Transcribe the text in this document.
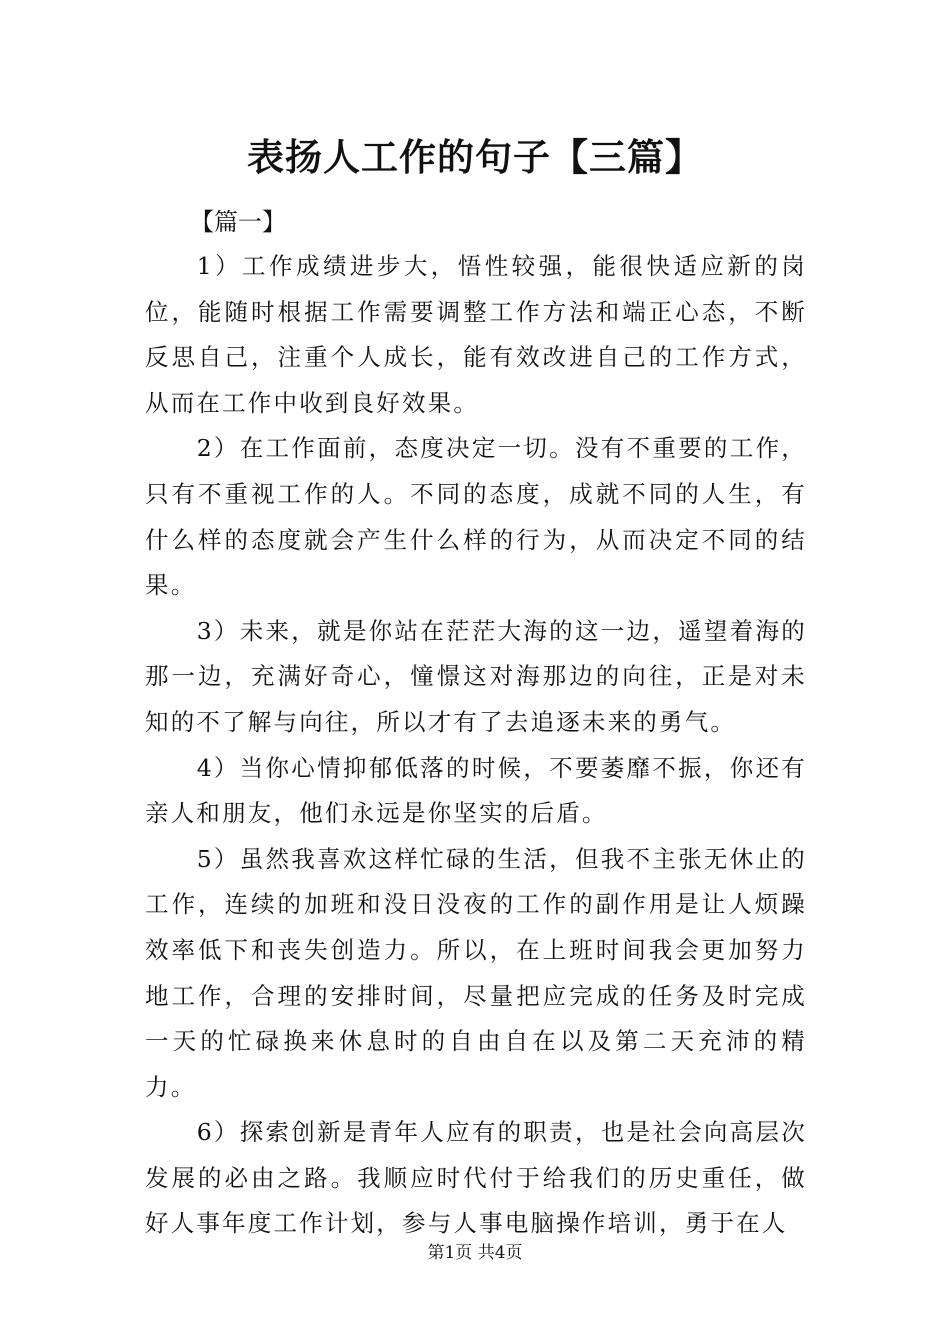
表扬人工作的句子【三篇】
【篇一】

1）工作成绩进步大，悟性较强，能很快适应新的岗位，能随时根据工作需要调整工作方法和端正心态，不断反思自己，注重个人成长，能有效改进自己的工作方式，从而在工作中收到良好效果。

2）在工作面前，态度决定一切。没有不重要的工作，只有不重视工作的人。不同的态度，成就不同的人生，有什么样的态度就会产生什么样的行为，从而决定不同的结果。

3）未来，就是你站在茫茫大海的这一边，遥望着海的那一边，充满好奇心，憧憬这对海那边的向往，正是对未知的不了解与向往，所以才有了去追逐未来的勇气。

4）当你心情抑郁低落的时候，不要萎靡不振，你还有亲人和朋友，他们永远是你坚实的后盾。

5）虽然我喜欢这样忙碌的生活，但我不主张无休止的工作，连续的加班和没日没夜的工作的副作用是让人烦躁效率低下和丧失创造力。所以，在上班时间我会更加努力地工作，合理的安排时间，尽量把应完成的任务及时完成一天的忙碌换来休息时的自由自在以及第二天充沛的精力。

6）探索创新是青年人应有的职责，也是社会向高层次发展的必由之路。我顺应时代付于给我们的历史重任，做好人事年度工作计划，参与人事电脑操作培训，勇于在人

第1页 共4页
